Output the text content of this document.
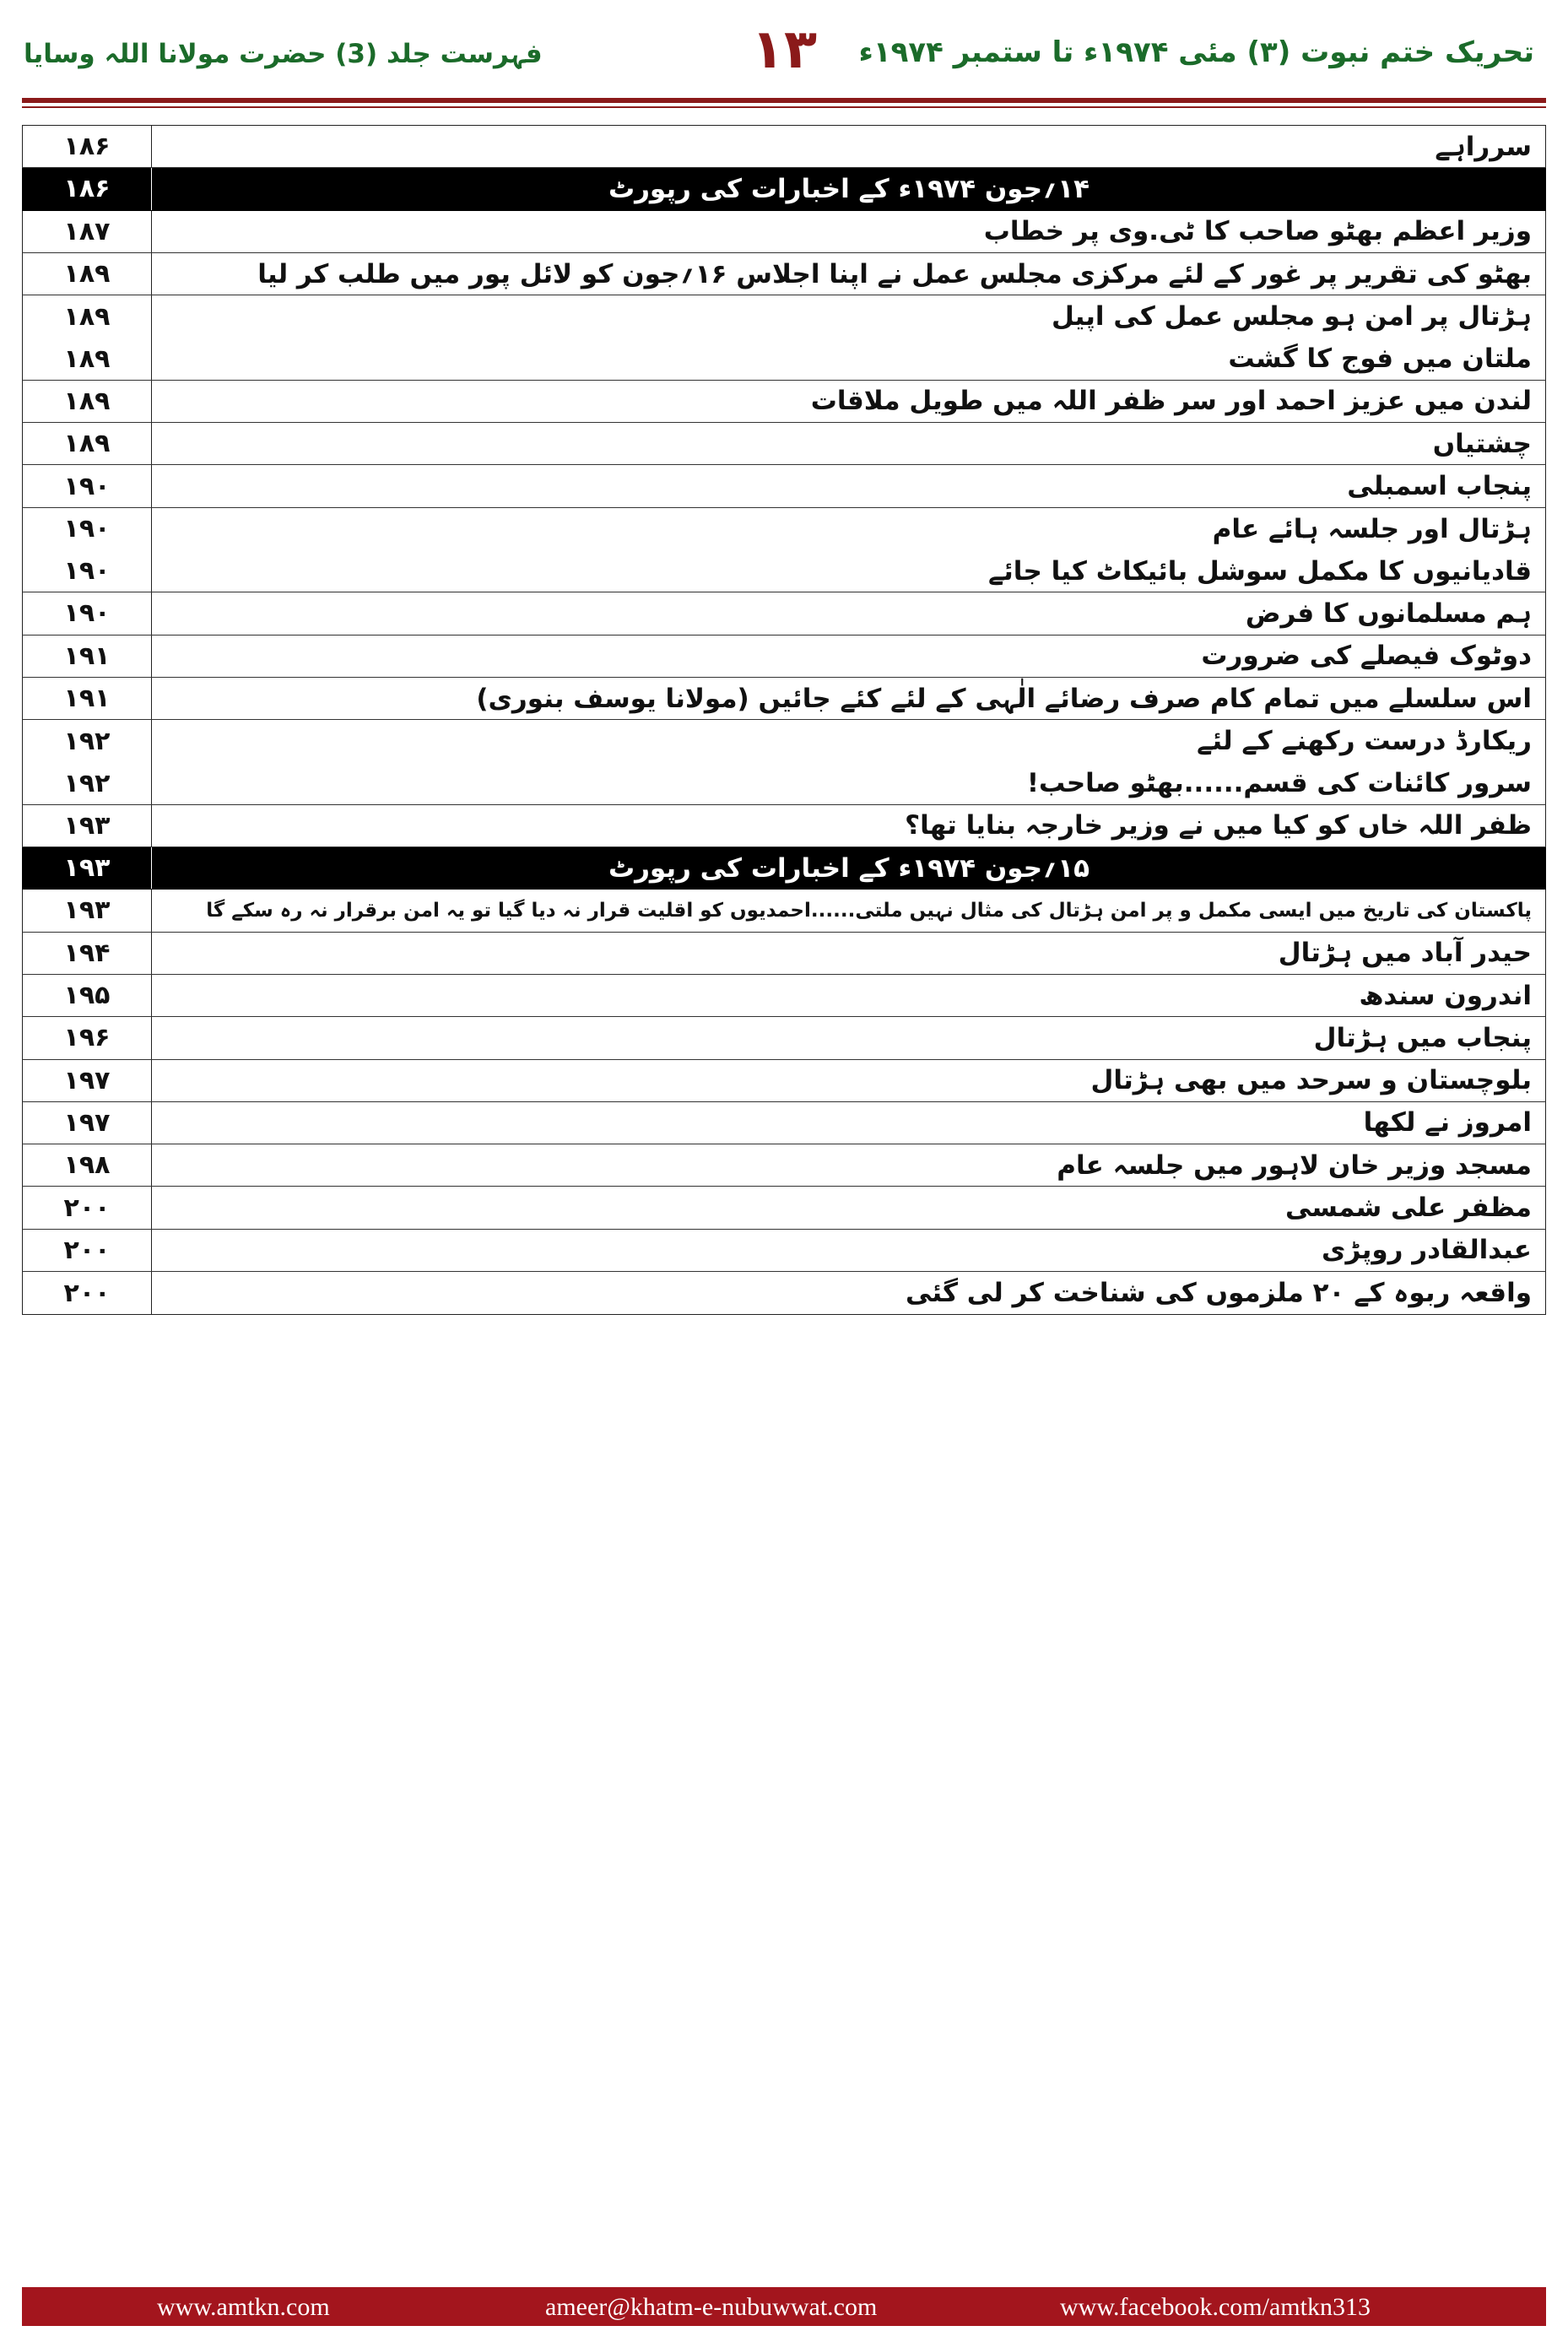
تحریک ختم نبوت (۳) مئی ۱۹۷۴ء تا ستمبر ۱۹۷۴ء
۱۳
فہرست جلد (3) حضرت مولانا اللہ وسایا
۱۸۶	سرراہے
۱۸۶	۱۴؍جون ۱۹۷۴ء کے اخبارات کی رپورٹ
۱۸۷	وزیر اعظم بھٹو صاحب کا ٹی.وی پر خطاب
۱۸۹	بھٹو کی تقریر پر غور کے لئے مرکزی مجلس عمل نے اپنا اجلاس ۱۶؍جون کو لائل پور میں طلب کر لیا
۱۸۹	ہڑتال پر امن ہو مجلس عمل کی اپیل
۱۸۹	ملتان میں فوج کا گشت
۱۸۹	لندن میں عزیز احمد اور سر ظفر اللہ میں طویل ملاقات
۱۸۹	چشتیاں
۱۹۰	پنجاب اسمبلی
۱۹۰	ہڑتال اور جلسہ ہائے عام
۱۹۰	قادیانیوں کا مکمل سوشل بائیکاٹ کیا جائے
۱۹۰	ہم مسلمانوں کا فرض
۱۹۱	دوٹوک فیصلے کی ضرورت
۱۹۱	اس سلسلے میں تمام کام صرف رضائے الٰہی کے لئے کئے جائیں (مولانا یوسف بنوری)
۱۹۲	ریکارڈ درست رکھنے کے لئے
۱۹۲	سرور کائنات کی قسم......بھٹو صاحب!
۱۹۳	ظفر اللہ خاں کو کیا میں نے وزیر خارجہ بنایا تھا؟
۱۹۳	۱۵؍جون ۱۹۷۴ء کے اخبارات کی رپورٹ
۱۹۳	پاکستان کی تاریخ میں ایسی مکمل و پر امن ہڑتال کی مثال نہیں ملتی......احمدیوں کو اقلیت قرار نہ دیا گیا تو یہ امن برقرار نہ رہ سکے گا
۱۹۴	حیدر آباد میں ہڑتال
۱۹۵	اندرون سندھ
۱۹۶	پنجاب میں ہڑتال
۱۹۷	بلوچستان و سرحد میں بھی ہڑتال
۱۹۷	امروز نے لکھا
۱۹۸	مسجد وزیر خان لاہور میں جلسہ عام
۲۰۰	مظفر علی شمسی
۲۰۰	عبدالقادر روپڑی
۲۰۰	واقعہ ربوہ کے ۲۰ ملزموں کی شناخت کر لی گئی
www.amtkn.com	ameer@khatm-e-nubuwwat.com	www.facebook.com/amtkn313
